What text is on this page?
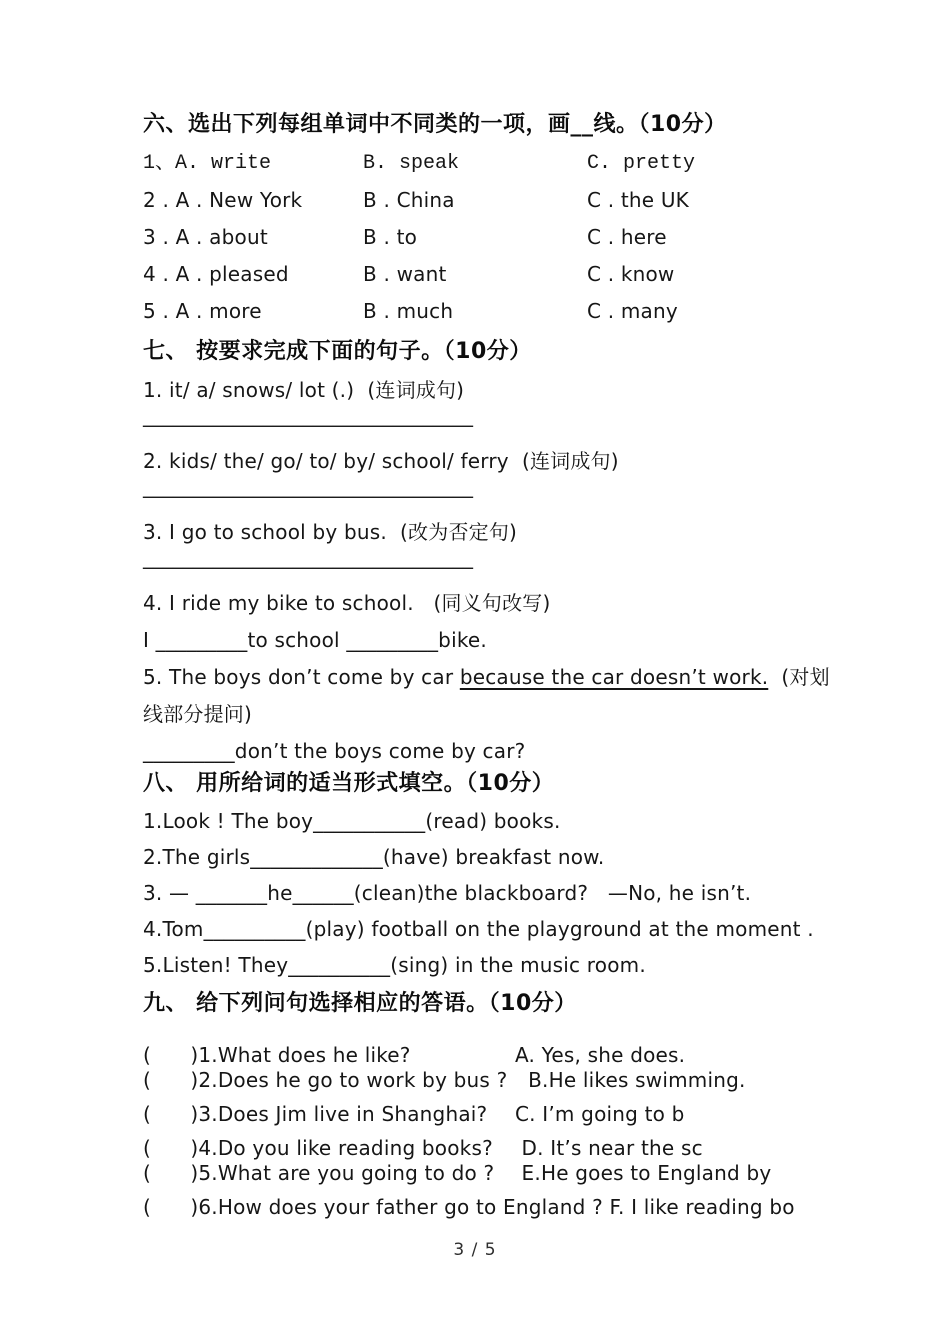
六、选出下列每组单词中不同类的一项，画__线。（10分）
1、A. write	B. speak	C. pretty
2 . A . New York	B . China	C . the UK
3 . A . about	B . to	C . here
4 . A . pleased	B . want	C . know
5 . A . more	B . much	C . many
七、 按要求完成下面的句子。（10分）

1. it/ a/ snows/ lot (.)  (连词成句)

_________________________________

2. kids/ the/ go/ to/ by/ school/ ferry  (连词成句)

_________________________________

3. I go to school by bus.  (改为否定句)

_________________________________

4. I ride my bike to school.   (同义句改写)

I _________to school _________bike.

5. The boys don’t come by car because the car doesn’t work.  (对划

线部分提问)

_________don’t the boys come by car?

八、 用所给词的适当形式填空。（10分）

1.Look ! The boy___________(read) books.

2.The girls_____________(have) breakfast now.

3. — _______he______(clean)the blackboard?   —No, he isn’t.

4.Tom__________(play) football on the playground at the moment .

5.Listen! They__________(sing) in the music room.

九、 给下列问句选择相应的答语。（10分）
(      )1.What does he like?	A. Yes, she does.
(      )2.Does he go to work by bus ? B.He likes swimming.
(      )3.Does Jim live in Shanghai?	C. I’m going to b
(      )4.Do you like reading books?	D. It’s near the sc
(      )5.What are you going to do ?	E.He goes to England by
(      )6.How does your father go to England ? F. I like reading bo
3 / 5
